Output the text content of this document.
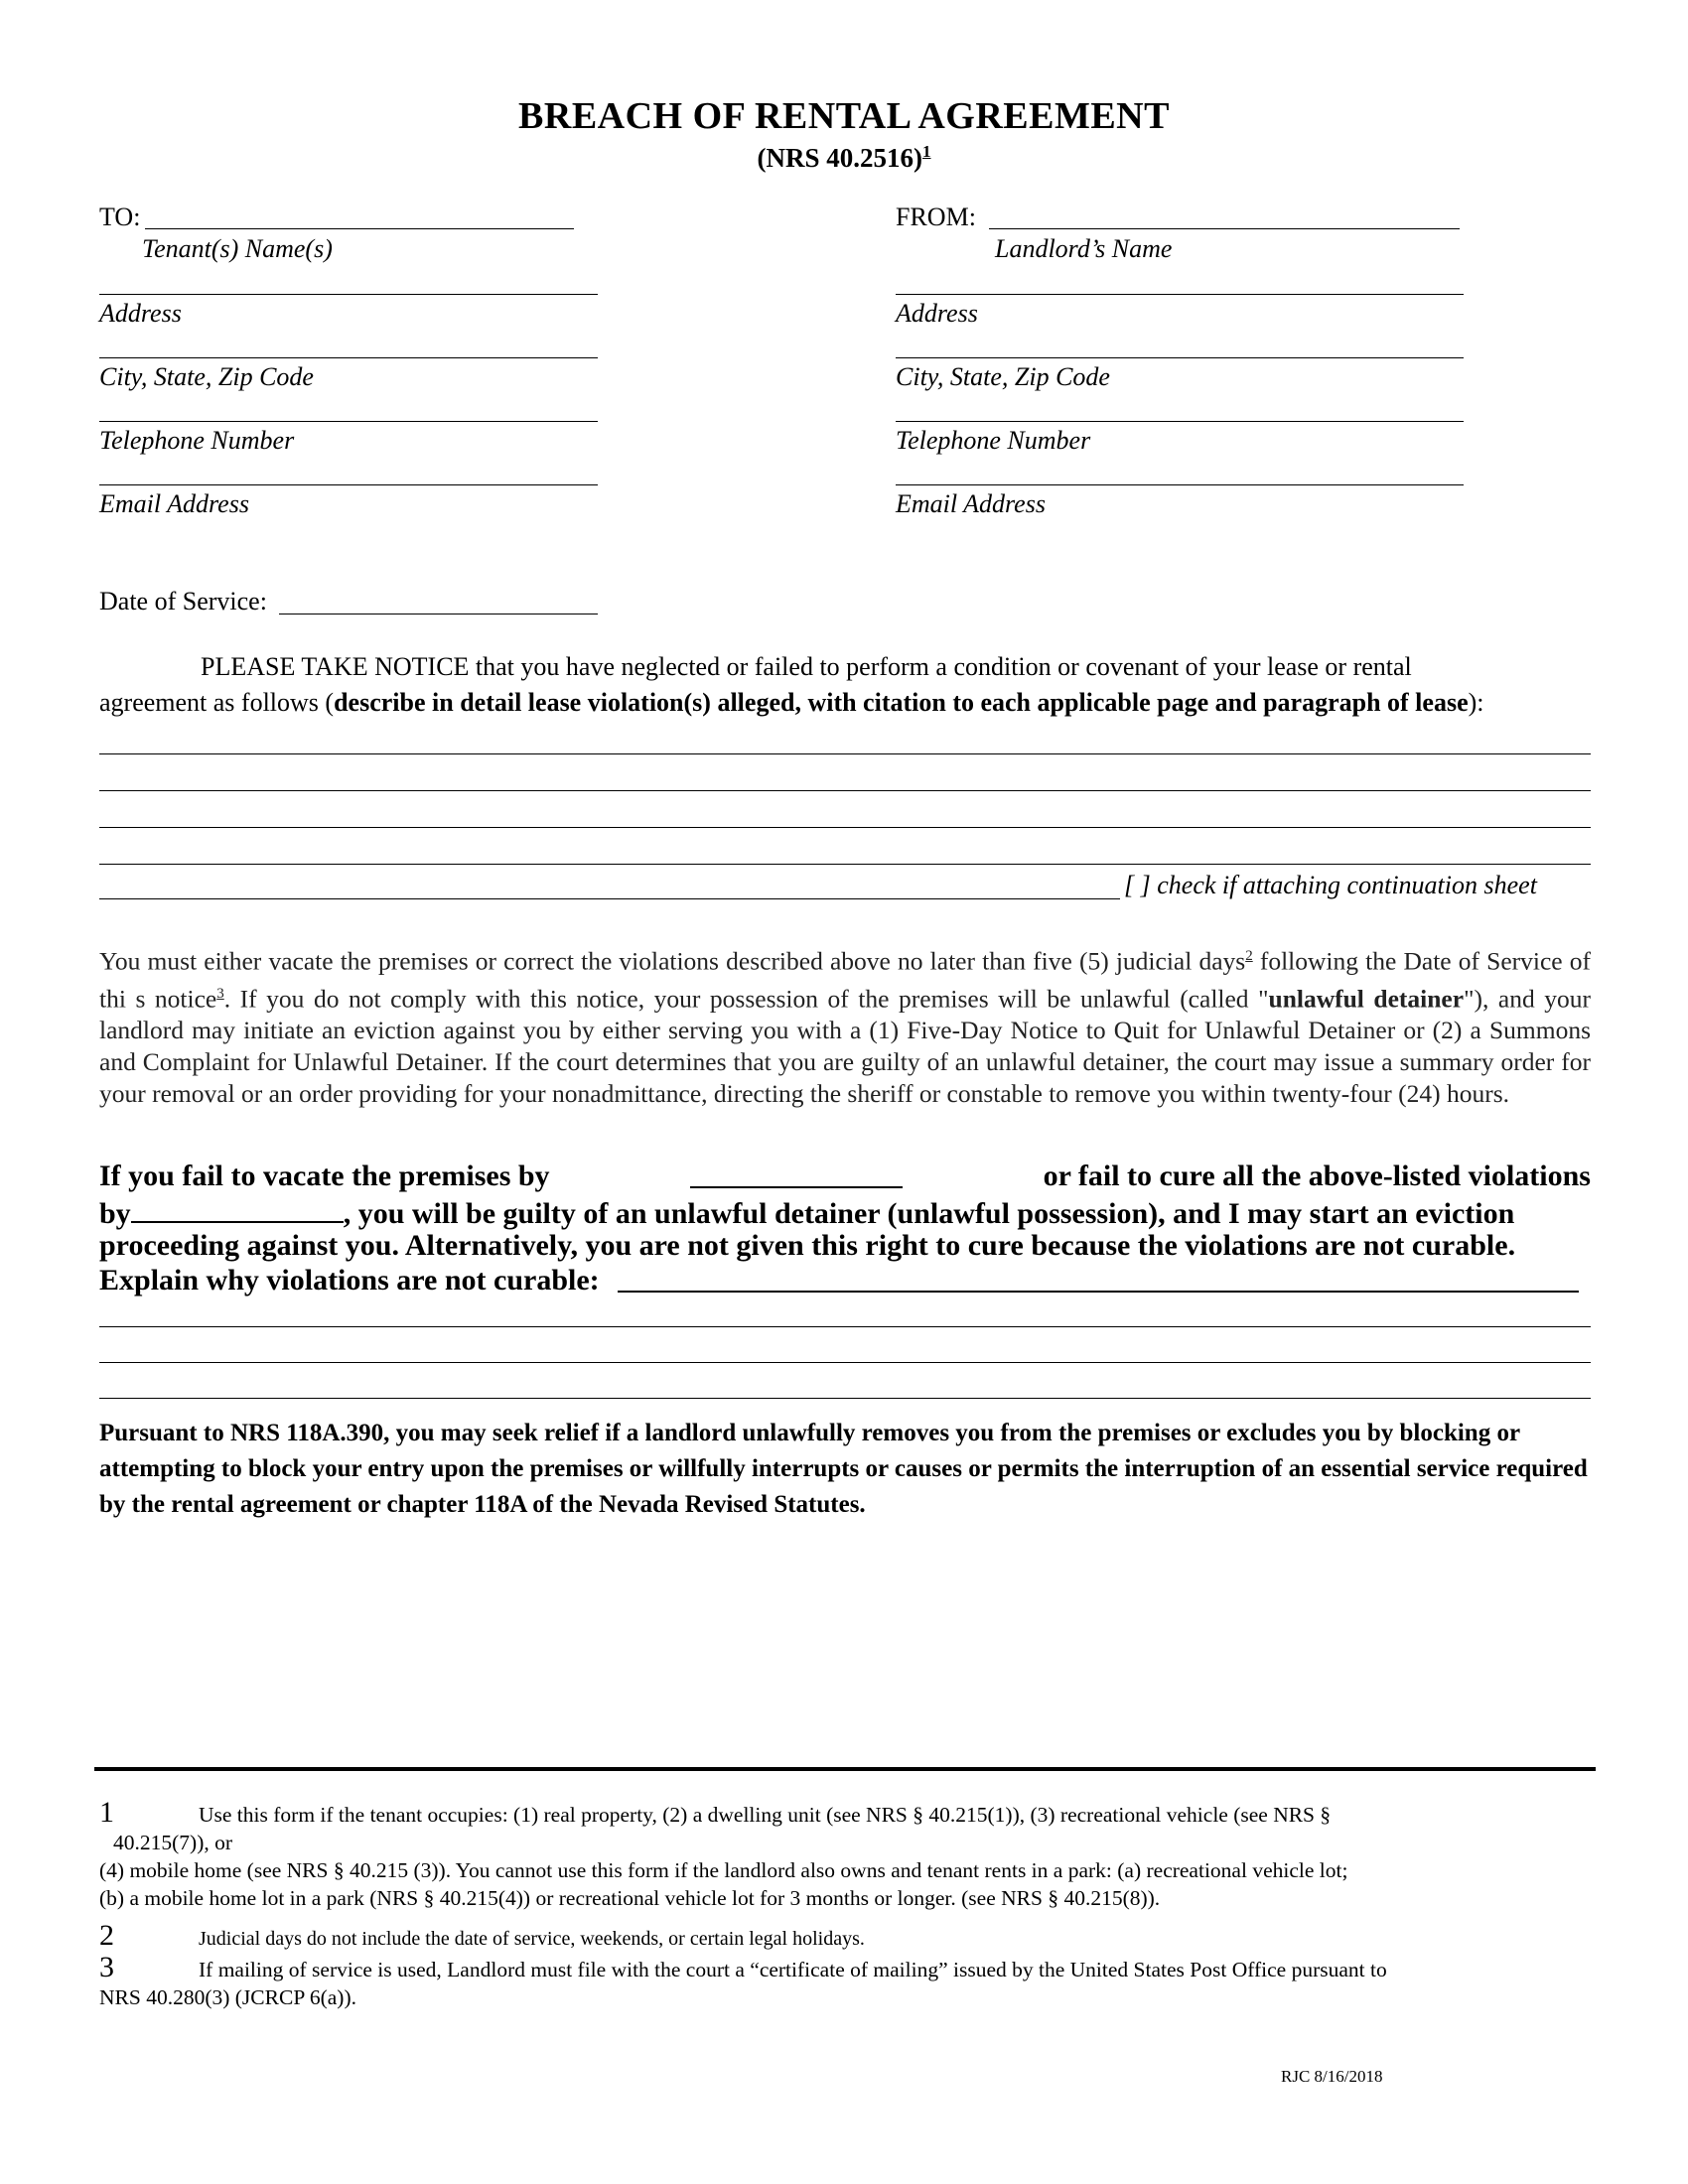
BREACH OF RENTAL AGREEMENT
(NRS 40.2516)$^1$
TO:
Tenant(s) Name(s)
Address
City, State, Zip Code
Telephone Number
Email Address
FROM:
Landlord’s Name
Address
City, State, Zip Code
Telephone Number
Email Address
Date of Service:
PLEASE TAKE NOTICE that you have neglected or failed to perform a condition or covenant of your lease or rental
agreement as follows (describe in detail lease violation(s) alleged, with citation to each applicable page and paragraph of lease):
[ ] check if attaching continuation sheet
You must either vacate the premises or correct the violations described above no later than five (5) judicial days$^2$ following the Date of Service of thi s notice$^3$. If you do not comply with this notice, your possession of the premises will be unlawful (called "unlawful detainer"), and your landlord may initiate an eviction against you by either serving you with a (1) Five-Day Notice to Quit for Unlawful Detainer or (2) a Summons and Complaint for Unlawful Detainer. If the court determines that you are guilty of an unlawful detainer, the court may issue a summary order for your removal or an order providing for your nonadmittance, directing the sheriff or constable to remove you within twenty-four (24) hours.
If you fail to vacate the premises by	or fail to cure all the above-listed violations
by	, you will be guilty of an unlawful detainer (unlawful possession), and I may start an eviction
proceeding against you. Alternatively, you are not given this right to cure because the violations are not curable.
Explain why violations are not curable:
Pursuant to NRS 118A.390, you may seek relief if a landlord unlawfully removes you from the premises or excludes you by blocking or attempting to block your entry upon the premises or willfully interrupts or causes or permits the interruption of an essential service required by the rental agreement or chapter 118A of the Nevada Revised Statutes.
1	Use this form if the tenant occupies: (1) real property, (2) a dwelling unit (see NRS § 40.215(1)), (3) recreational vehicle (see NRS §
40.215(7)), or
(4) mobile home (see NRS § 40.215 (3)). You cannot use this form if the landlord also owns and tenant rents in a park: (a) recreational vehicle lot;
(b) a mobile home lot in a park (NRS § 40.215(4)) or recreational vehicle lot for 3 months or longer. (see NRS § 40.215(8)).
2	Judicial days do not include the date of service, weekends, or certain legal holidays.
3	If mailing of service is used, Landlord must file with the court a “certificate of mailing” issued by the United States Post Office pursuant to
NRS 40.280(3) (JCRCP 6(a)).
RJC 8/16/2018
